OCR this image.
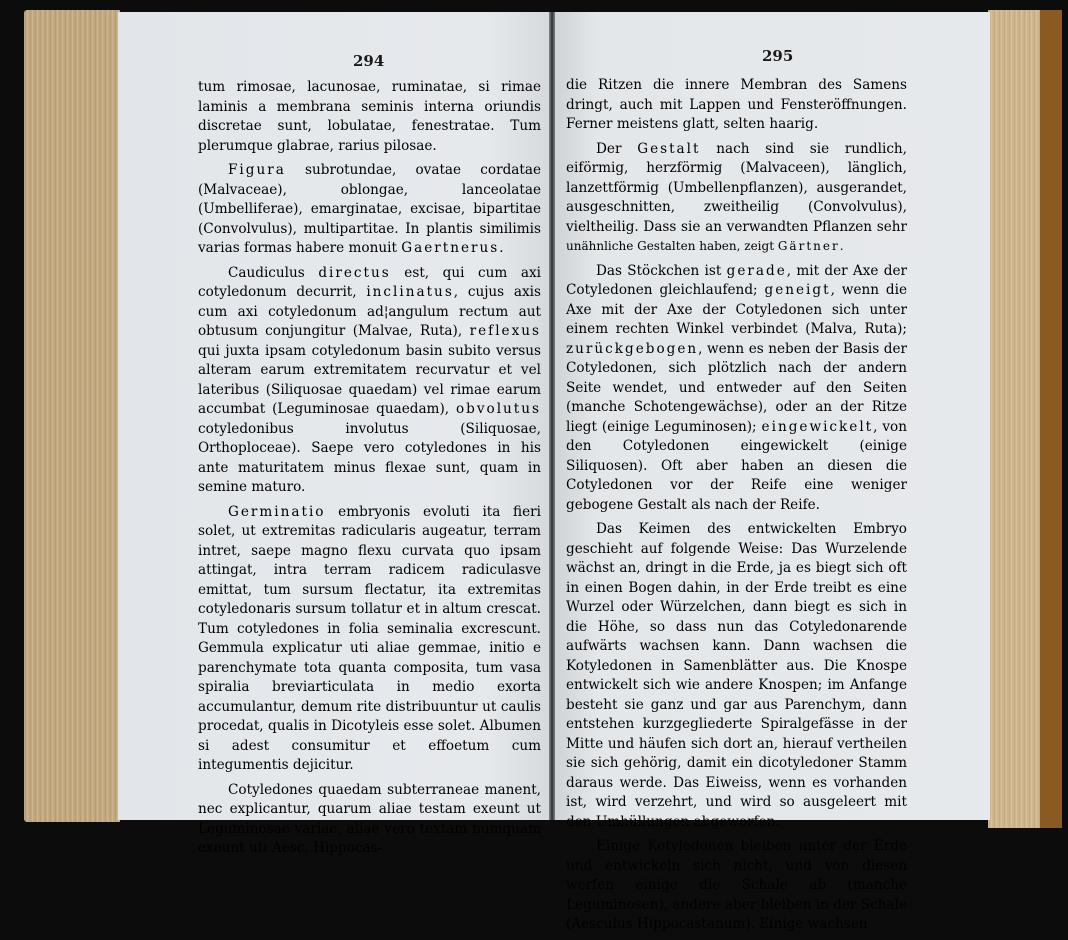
294	295

tum rimosae, lacunosae, ruminatae, si rimae laminis a membrana seminis interna oriundis discretae sunt, lobulatae, fenestratae. Tum plerumque glabrae, rarius pilosae.

Figura subrotundae, ovatae cordatae (Malvaceae), oblongae, lanceolatae (Umbelliferae), emarginatae, excisae, bipartitae (Convolvulus), multipartitae. In plantis similimis varias formas habere monuit Gaertnerus.

Caudiculus directus est, qui cum axi cotyledonum decurrit, inclinatus, cujus axis cum axi cotyledonum ad¦angulum rectum aut obtusum conjungitur (Malvae, Ruta), reflexus qui juxta ipsam cotyledonum basin subito versus alteram earum extremitatem recurvatur et vel lateribus (Siliquosae quaedam) vel rimae earum accumbat (Leguminosae quaedam), obvolutus cotyledonibus involutus (Siliquosae, Orthoploceae). Saepe vero cotyledones in his ante maturitatem minus flexae sunt, quam in semine maturo.

Germinatio embryonis evoluti ita fieri solet, ut extremitas radicularis augeatur, terram intret, saepe magno flexu curvata quo ipsam attingat, intra terram radicem radiculasve emittat, tum sursum flectatur, ita extremitas cotyledonaris sursum tollatur et in altum crescat. Tum cotyledones in folia seminalia excrescunt. Gemmula explicatur uti aliae gemmae, initio e parenchymate tota quanta composita, tum vasa spiralia breviarticulata in medio exorta accumulantur, demum rite distribuuntur ut caulis procedat, qualis in Dicotyleis esse solet. Albumen si adest consumitur et effoetum cum integumentis dejicitur.

Cotyledones quaedam subterraneae manent, nec explicantur, quarum aliae testam exeunt ut Leguminosae variae, aliae vero textam numquam exeunt uti Aesc. Hippocas-

die Ritzen die innere Membran des Samens dringt, auch mit Lappen und Fensteröffnungen. Ferner meistens glatt, selten haarig.

Der Gestalt nach sind sie rundlich, eiförmig, herzförmig (Malvaceen), länglich, lanzettförmig (Umbellenpflanzen), ausgerandet, ausgeschnitten, zweitheilig (Convolvulus), vieltheilig. Dass sie an verwandten Pflanzen sehr unähnliche Gestalten haben, zeigt Gärtner.

Das Stöckchen ist gerade, mit der Axe der Cotyledonen gleichlaufend; geneigt, wenn die Axe mit der Axe der Cotyledonen sich unter einem rechten Winkel verbindet (Malva, Ruta); zurückgebogen, wenn es neben der Basis der Cotyledonen, sich plötzlich nach der andern Seite wendet, und entweder auf den Seiten (manche Schotengewächse), oder an der Ritze liegt (einige Leguminosen); eingewickelt, von den Cotyledonen eingewickelt (einige Siliquosen). Oft aber haben an diesen die Cotyledonen vor der Reife eine weniger gebogene Gestalt als nach der Reife.

Das Keimen des entwickelten Embryo geschieht auf folgende Weise: Das Wurzelende wächst an, dringt in die Erde, ja es biegt sich oft in einen Bogen dahin, in der Erde treibt es eine Wurzel oder Würzelchen, dann biegt es sich in die Höhe, so dass nun das Cotyledonarende aufwärts wachsen kann. Dann wachsen die Kotyledonen in Samenblätter aus. Die Knospe entwickelt sich wie andere Knospen; im Anfange besteht sie ganz und gar aus Parenchym, dann entstehen kurzgegliederte Spiralgefässe in der Mitte und häufen sich dort an, hierauf vertheilen sie sich gehörig, damit ein dicotyledoner Stamm daraus werde. Das Eiweiss, wenn es vorhanden ist, wird verzehrt, und wird so ausgeleert mit den Umhüllungen abgeworfen.

Einige Kotyledonen bleiben unter der Erde und entwickeln sich nicht, und von diesen werfen einige die Schale ab (manche Leguminosen), andere aber bleiben in der Schale (Aesculus Hippocastanum). Einige wachsen
